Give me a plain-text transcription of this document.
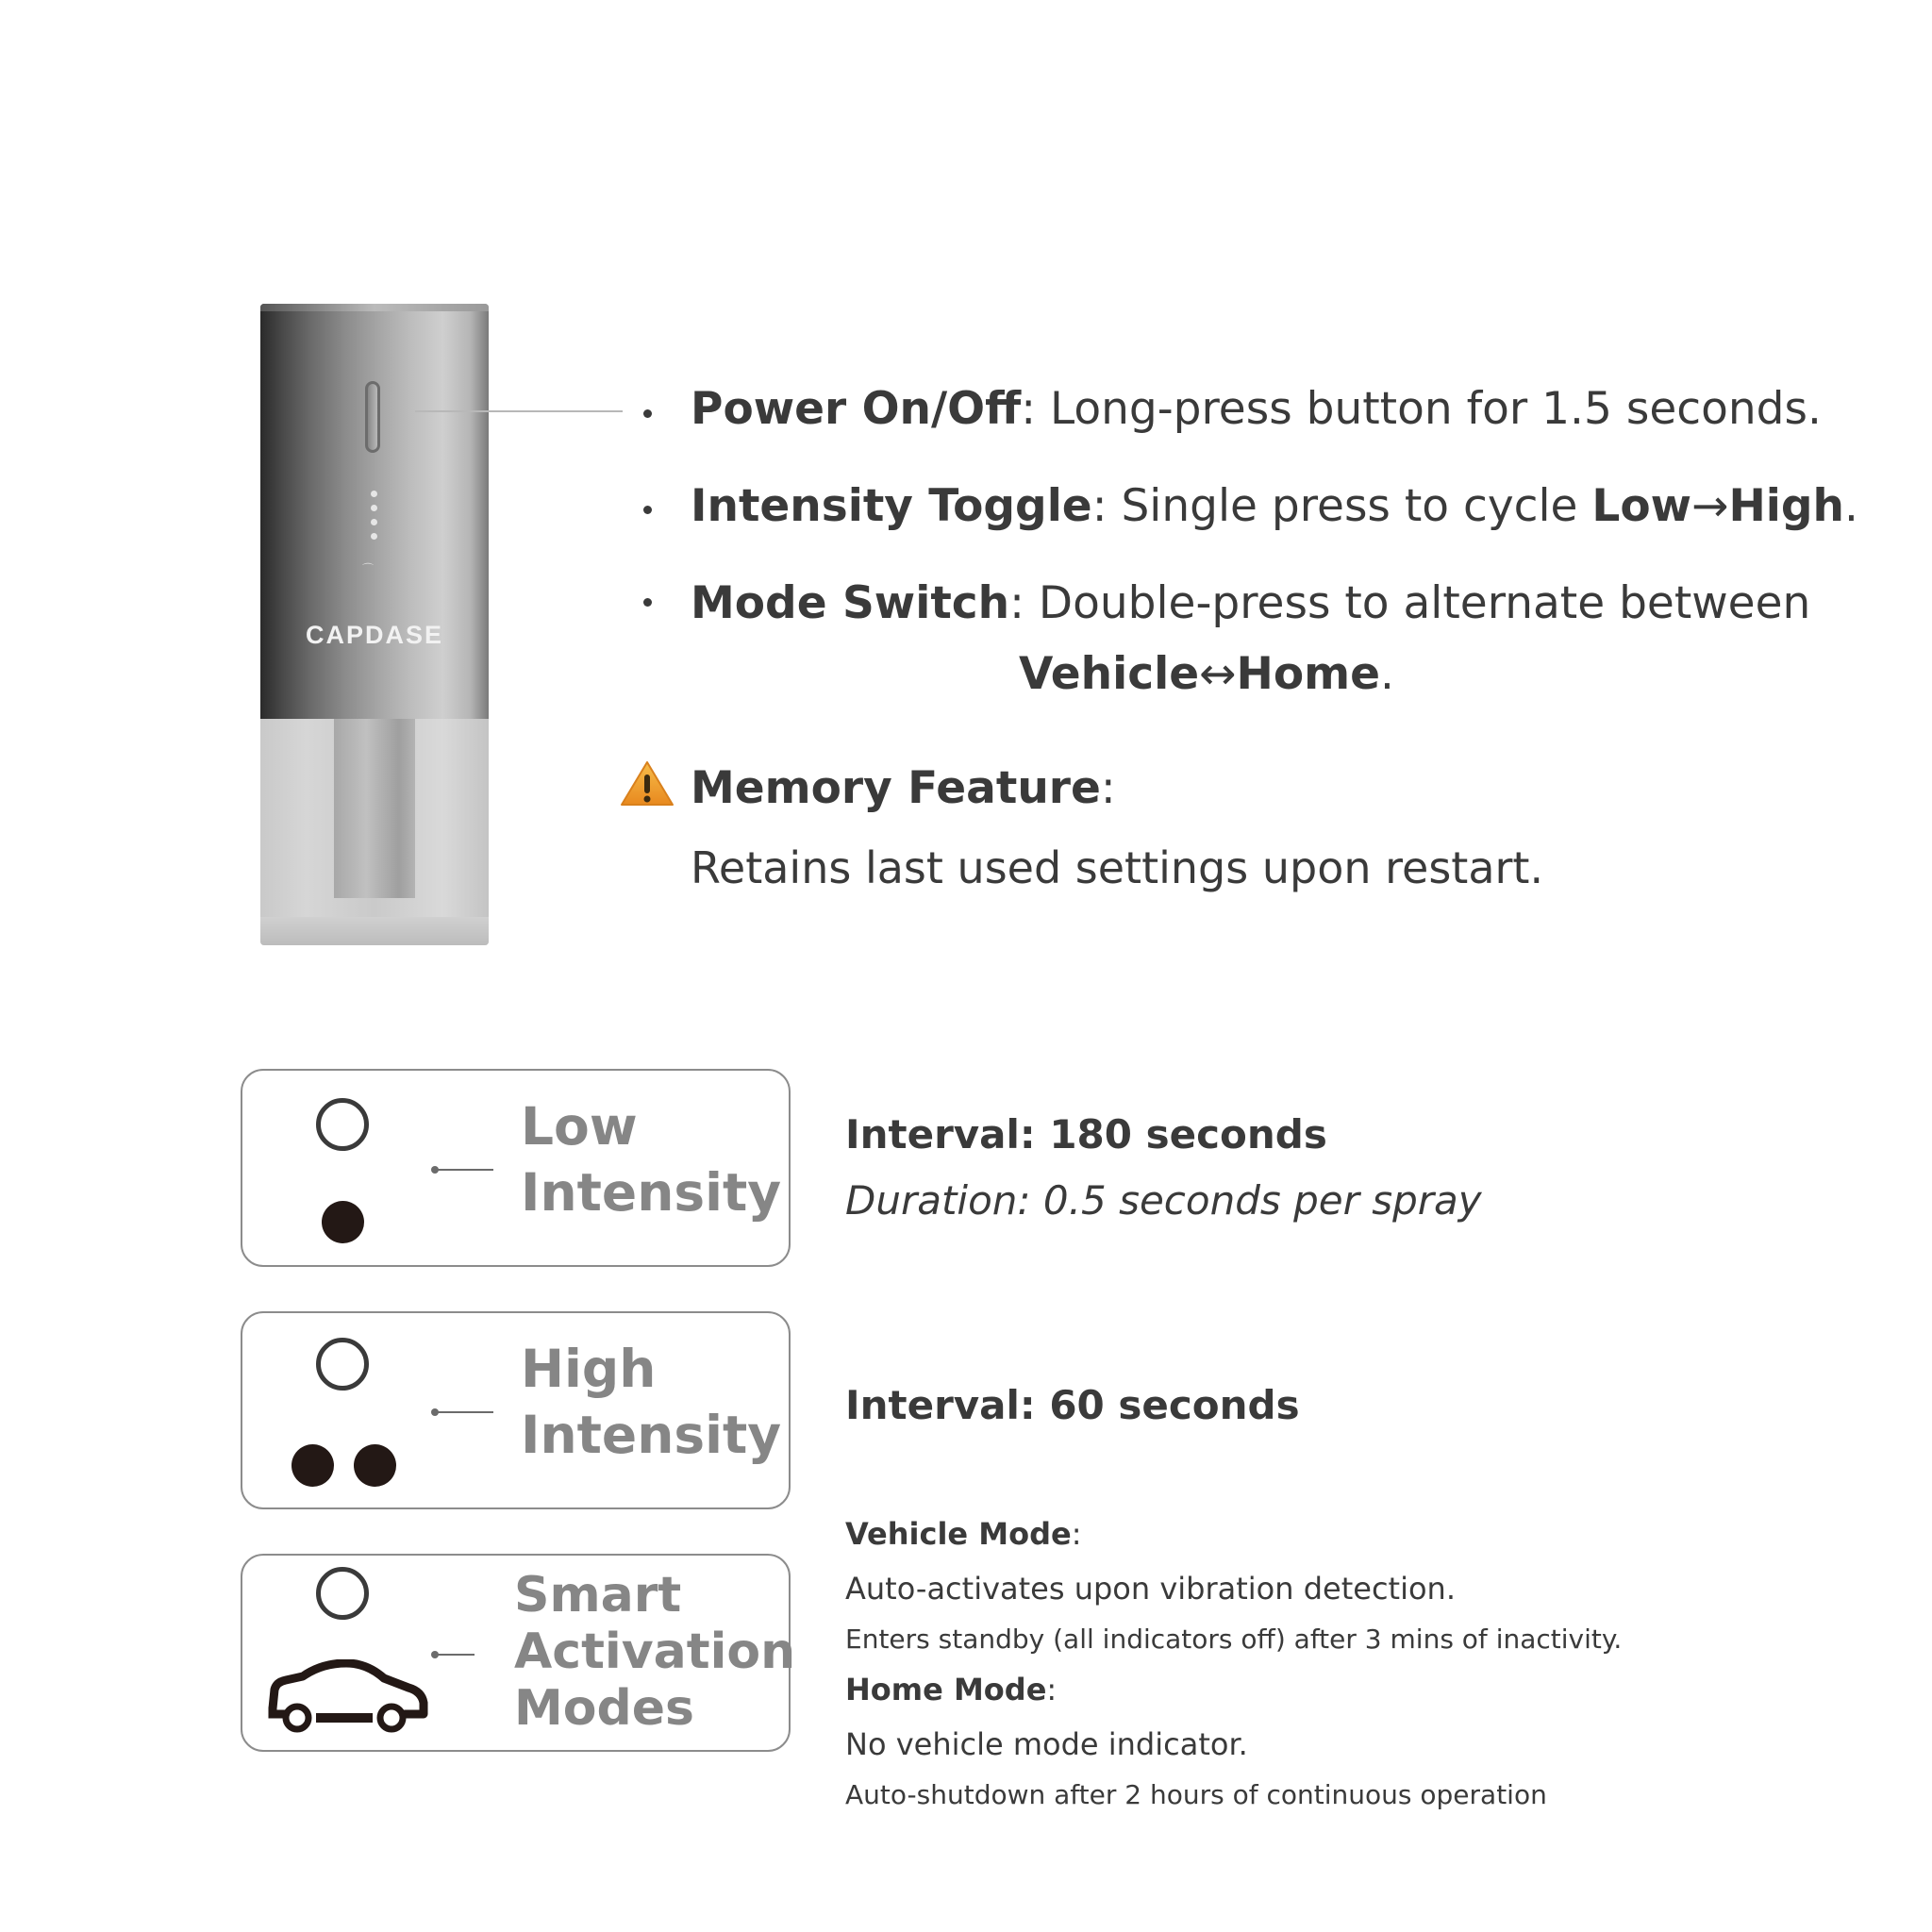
⌒
CAPDASE
Power On/Off: Long-press button for 1.5 seconds.
Intensity Toggle: Single press to cycle Low→High.
Mode Switch: Double-press to alternate between
Vehicle↔Home.
Memory Feature:
Retains last used settings upon restart.
Low
Intensity
Interval: 180 seconds
Duration: 0.5 seconds per spray
High
Intensity Interval: 60 seconds
Smart
Activation
Modes
Vehicle Mode:
Auto-activates upon vibration detection.
Enters standby (all indicators off) after 3 mins of inactivity.
Home Mode:
No vehicle mode indicator.
Auto-shutdown after 2 hours of continuous operation
